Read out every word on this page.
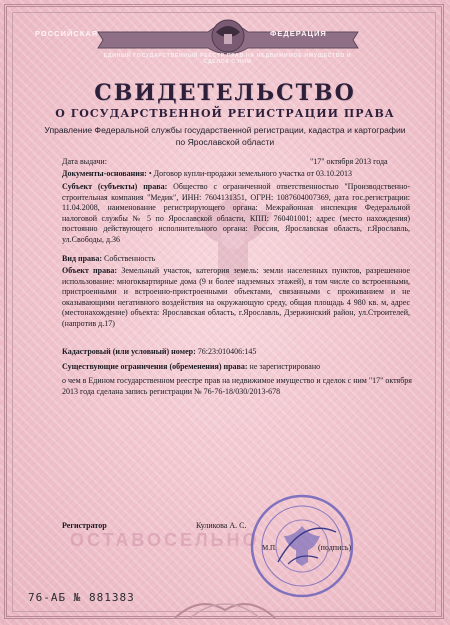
РОССИЙСКАЯ	ФЕДЕРАЦИЯ
ЕДИНЫЙ ГОСУДАРСТВЕННЫЙ РЕЕСТР ПРАВ НА НЕДВИЖИМОЕ ИМУЩЕСТВО И СДЕЛОК С НИМ
СВИДЕТЕЛЬСТВО
О ГОСУДАРСТВЕННОЙ РЕГИСТРАЦИИ ПРАВА
Управление Федеральной службы государственной регистрации, кадастра и картографии
по Ярославской области
Дата выдачи:	"17" октября 2013 года
Документы-основания: • Договор купли-продажи земельного участка от 03.10.2013
Субъект (субъекты) права: Общество с ограниченной ответственностью "Производственно-строительная компания "Медик", ИНН: 7604131351, ОГРН: 1087604007369, дата гос.регистрации: 11.04.2008, наименование регистрирующего органа: Межрайонная инспекция Федеральной налоговой службы № 5 по Ярославской области, КПП: 760401001; адрес (место нахождения) постоянно действующего исполнительного органа: Россия, Ярославская область, г.Ярославль, ул.Свободы, д.36
Вид права: Собственность
Объект права: Земельный участок, категория земель: земли населенных пунктов, разрешенное использование: многоквартирные дома (9 и более надземных этажей), в том числе со встроенными, пристроенными и встроенно-пристроенными объектами, связанными с проживанием и не оказывающими негативного воздействия на окружающую среду, общая площадь 4 980 кв. м, адрес (местонахождение) объекта: Ярославская область, г.Ярославль, Дзержинский район, ул.Строителей, (напротив д.17)
Кадастровый (или условный) номер: 76:23:010406:145
Существующие ограничения (обременения) права: не зарегистрировано
о чем в Едином государственном реестре прав на недвижимое имущество и сделок с ним "17" октября 2013 года сделана запись регистрации № 76-76-18/030/2013-678
ОСТАВОСЕЛЬНО
Регистратор	Куликова А. С.
М.П.	(подпись)
76-АБ № 881383
